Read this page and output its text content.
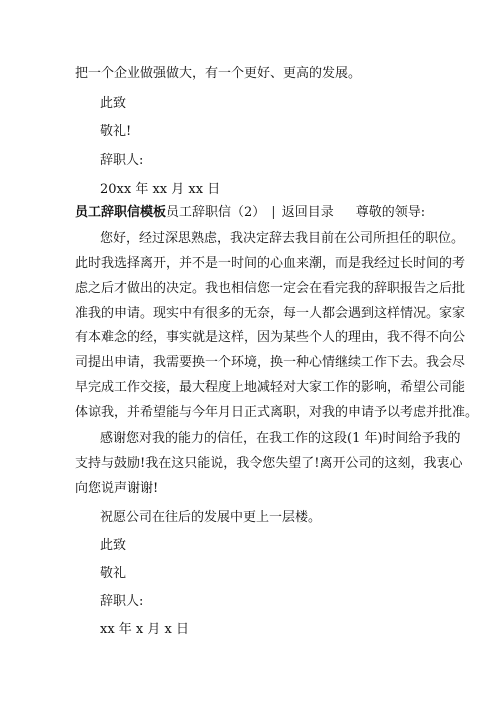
把一个企业做强做大，有一个更好、更高的发展。
此致
敬礼!
辞职人:
20xx 年 xx 月 xx 日
员工辞职信模板员工辞职信（2） | 返回目录 尊敬的领导:
您好，经过深思熟虑，我决定辞去我目前在公司所担任的职位。
此时我选择离开，并不是一时间的心血来潮，而是我经过长时间的考
虑之后才做出的决定。我也相信您一定会在看完我的辞职报告之后批
准我的申请。现实中有很多的无奈，每一人都会遇到这样情况。家家
有本难念的经，事实就是这样，因为某些个人的理由，我不得不向公
司提出申请，我需要换一个环境，换一种心情继续工作下去。我会尽
早完成工作交接，最大程度上地减轻对大家工作的影响，希望公司能
体谅我，并希望能与今年月日正式离职，对我的申请予以考虑并批准。
感谢您对我的能力的信任，在我工作的这段(1 年)时间给予我的
支持与鼓励!我在这只能说，我令您失望了!离开公司的这刻，我衷心
向您说声谢谢!
祝愿公司在往后的发展中更上一层楼。
此致
敬礼
辞职人:
xx 年 x 月 x 日
